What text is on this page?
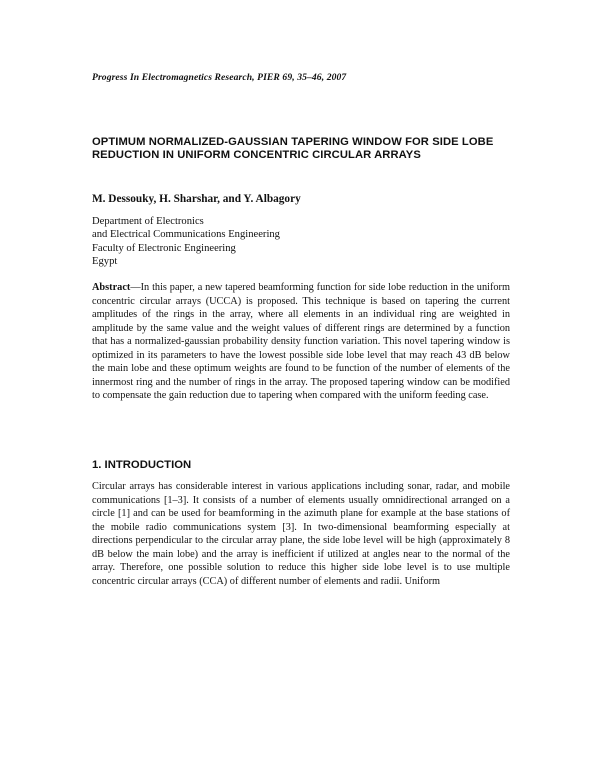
Progress In Electromagnetics Research, PIER 69, 35–46, 2007
OPTIMUM NORMALIZED-GAUSSIAN TAPERING WINDOW FOR SIDE LOBE REDUCTION IN UNIFORM CONCENTRIC CIRCULAR ARRAYS
M. Dessouky, H. Sharshar, and Y. Albagory
Department of Electronics
and Electrical Communications Engineering
Faculty of Electronic Engineering
Egypt
Abstract—In this paper, a new tapered beamforming function for side lobe reduction in the uniform concentric circular arrays (UCCA) is proposed. This technique is based on tapering the current amplitudes of the rings in the array, where all elements in an individual ring are weighted in amplitude by the same value and the weight values of different rings are determined by a function that has a normalized-gaussian probability density function variation. This novel tapering window is optimized in its parameters to have the lowest possible side lobe level that may reach 43 dB below the main lobe and these optimum weights are found to be function of the number of elements of the innermost ring and the number of rings in the array. The proposed tapering window can be modified to compensate the gain reduction due to tapering when compared with the uniform feeding case.
1. INTRODUCTION
Circular arrays has considerable interest in various applications including sonar, radar, and mobile communications [1–3]. It consists of a number of elements usually omnidirectional arranged on a circle [1] and can be used for beamforming in the azimuth plane for example at the base stations of the mobile radio communications system [3]. In two-dimensional beamforming especially at directions perpendicular to the circular array plane, the side lobe level will be high (approximately 8 dB below the main lobe) and the array is inefficient if utilized at angles near to the normal of the array. Therefore, one possible solution to reduce this higher side lobe level is to use multiple concentric circular arrays (CCA) of different number of elements and radii. Uniform
